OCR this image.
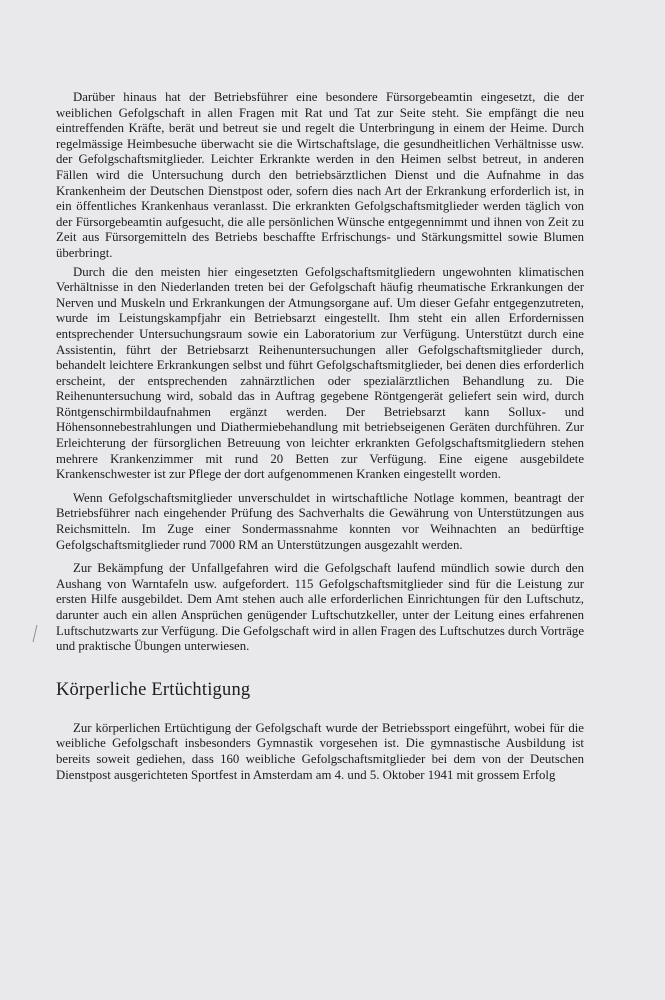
Darüber hinaus hat der Betriebsführer eine besondere Fürsorgebeamtin eingesetzt, die der weiblichen Gefolgschaft in allen Fragen mit Rat und Tat zur Seite steht. Sie empfängt die neu eintreffenden Kräfte, berät und betreut sie und regelt die Unterbringung in einem der Heime. Durch regelmässige Heimbesuche überwacht sie die Wirtschaftslage, die gesundheitlichen Verhältnisse usw. der Gefolgschaftsmitglieder. Leichter Erkrankte werden in den Heimen selbst betreut, in anderen Fällen wird die Untersuchung durch den betriebsärztlichen Dienst und die Aufnahme in das Krankenheim der Deutschen Dienstpost oder, sofern dies nach Art der Erkrankung erforderlich ist, in ein öffentliches Krankenhaus veranlasst. Die erkrankten Gefolgschaftsmitglieder werden täglich von der Fürsorgebeamtin aufgesucht, die alle persönlichen Wünsche entgegennimmt und ihnen von Zeit zu Zeit aus Fürsorgemitteln des Betriebs beschaffte Erfrischungs- und Stärkungsmittel sowie Blumen überbringt.

Durch die den meisten hier eingesetzten Gefolgschaftsmitgliedern ungewohnten klimatischen Verhältnisse in den Niederlanden treten bei der Gefolgschaft häufig rheumatische Erkrankungen der Nerven und Muskeln und Erkrankungen der Atmungsorgane auf. Um dieser Gefahr entgegenzutreten, wurde im Leistungskampfjahr ein Betriebsarzt eingestellt. Ihm steht ein allen Erfordernissen entsprechender Untersuchungsraum sowie ein Laboratorium zur Verfügung. Unterstützt durch eine Assistentin, führt der Betriebsarzt Reihenuntersuchungen aller Gefolgschaftsmitglieder durch, behandelt leichtere Erkrankungen selbst und führt Gefolgschaftsmitglieder, bei denen dies erforderlich erscheint, der entsprechenden zahnärztlichen oder spezialärztlichen Behandlung zu. Die Reihenuntersuchung wird, sobald das in Auftrag gegebene Röntgengerät geliefert sein wird, durch Röntgenschirmbildaufnahmen ergänzt werden. Der Betriebsarzt kann Sollux- und Höhensonnebestrahlungen und Diathermiebehandlung mit betriebseigenen Geräten durchführen. Zur Erleichterung der fürsorglichen Betreuung von leichter erkrankten Gefolgschaftsmitgliedern stehen mehrere Krankenzimmer mit rund 20 Betten zur Verfügung. Eine eigene ausgebildete Krankenschwester ist zur Pflege der dort aufgenommenen Kranken eingestellt worden.

Wenn Gefolgschaftsmitglieder unverschuldet in wirtschaftliche Notlage kommen, beantragt der Betriebsführer nach eingehender Prüfung des Sachverhalts die Gewährung von Unterstützungen aus Reichsmitteln. Im Zuge einer Sondermassnahme konnten vor Weihnachten an bedürftige Gefolgschaftsmitglieder rund 7000 RM an Unterstützungen ausgezahlt werden.

Zur Bekämpfung der Unfallgefahren wird die Gefolgschaft laufend mündlich sowie durch den Aushang von Warntafeln usw. aufgefordert. 115 Gefolgschaftsmitglieder sind für die Leistung zur ersten Hilfe ausgebildet. Dem Amt stehen auch alle erforderlichen Einrichtungen für den Luftschutz, darunter auch ein allen Ansprüchen genügender Luftschutzkeller, unter der Leitung eines erfahrenen Luftschutzwarts zur Verfügung. Die Gefolgschaft wird in allen Fragen des Luftschutzes durch Vorträge und praktische Übungen unterwiesen.

Körperliche Ertüchtigung

Zur körperlichen Ertüchtigung der Gefolgschaft wurde der Betriebssport eingeführt, wobei für die weibliche Gefolgschaft insbesonders Gymnastik vorgesehen ist. Die gymnastische Ausbildung ist bereits soweit gediehen, dass 160 weibliche Gefolgschaftsmitglieder bei dem von der Deutschen Dienstpost ausgerichteten Sportfest in Amsterdam am 4. und 5. Oktober 1941 mit grossem Erfolg
